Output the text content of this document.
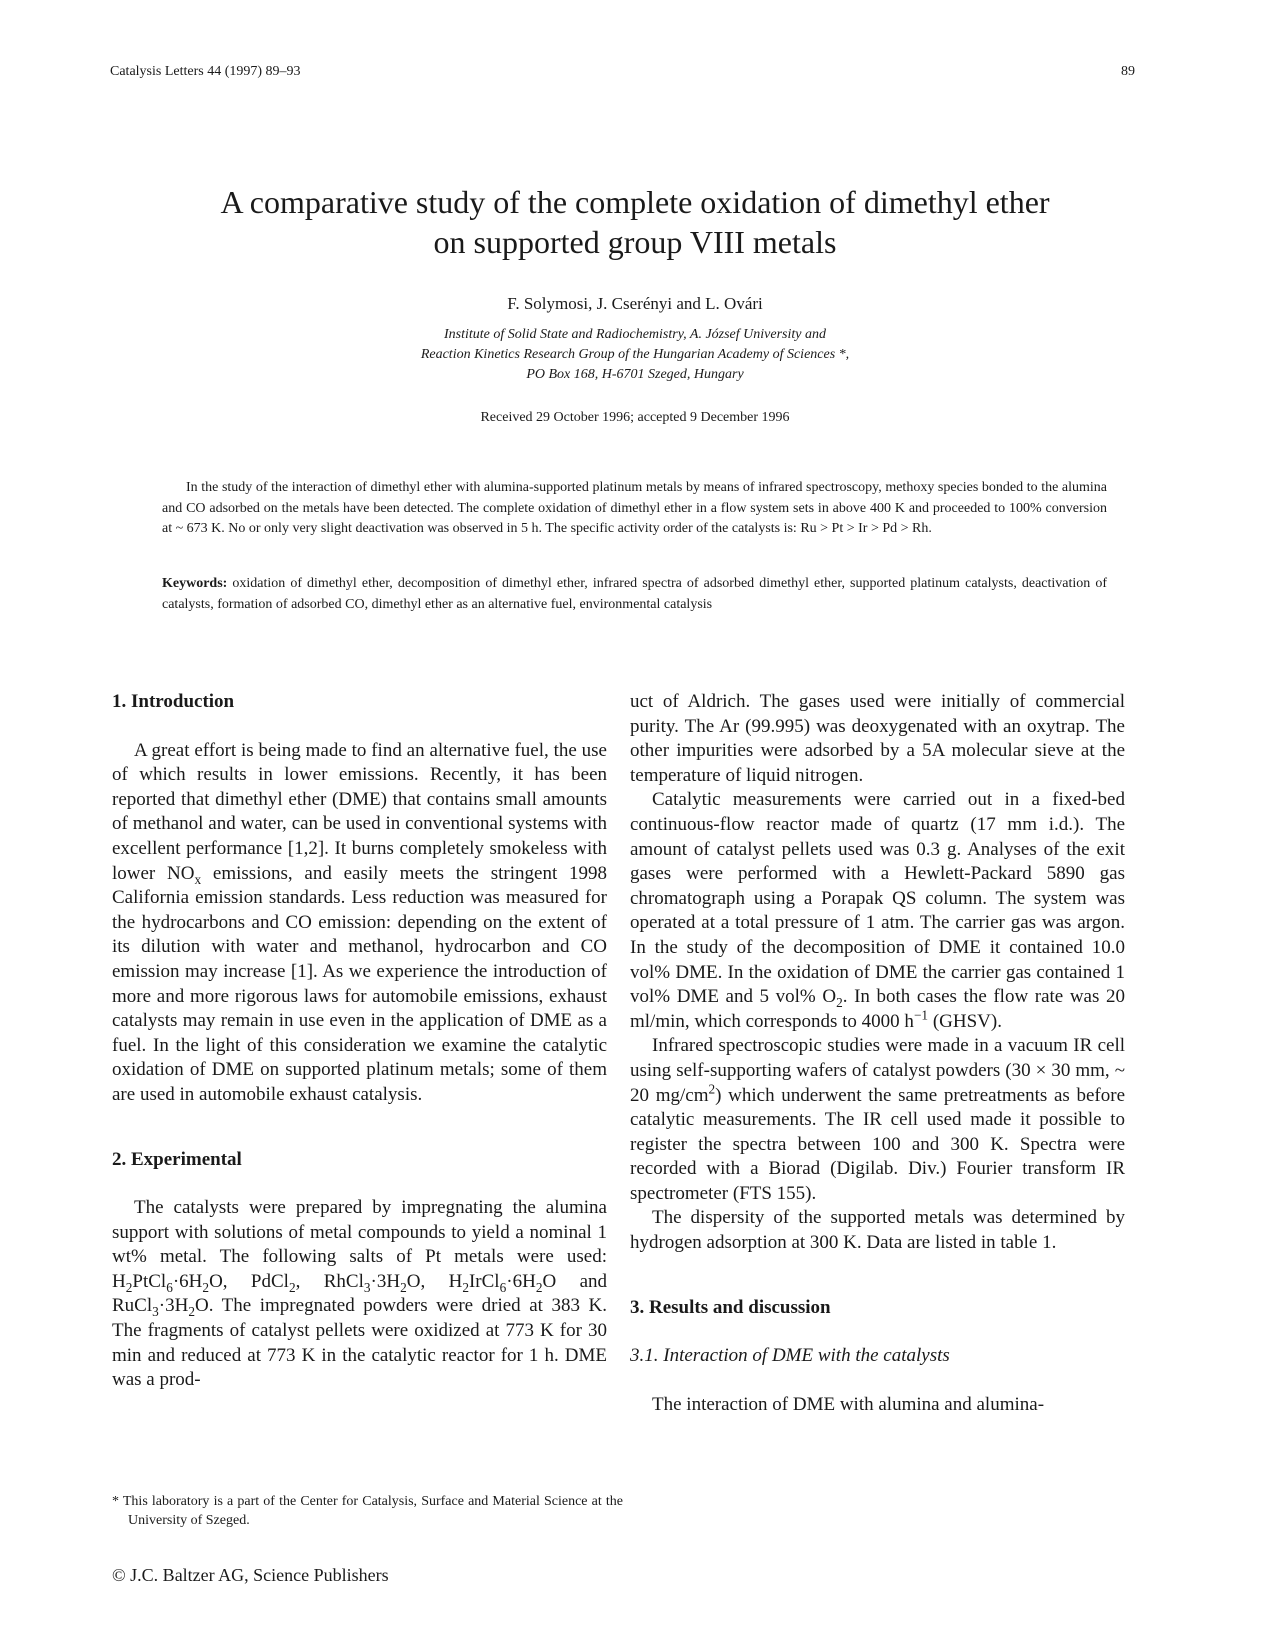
Catalysis Letters 44 (1997) 89–93	89
A comparative study of the complete oxidation of dimethyl ether
on supported group VIII metals
F. Solymosi, J. Cserényi and L. Ovári
Institute of Solid State and Radiochemistry, A. József University and
Reaction Kinetics Research Group of the Hungarian Academy of Sciences *,
PO Box 168, H-6701 Szeged, Hungary
Received 29 October 1996; accepted 9 December 1996

In the study of the interaction of dimethyl ether with alumina-supported platinum metals by means of infrared spectroscopy, methoxy species bonded to the alumina and CO adsorbed on the metals have been detected. The complete oxidation of dimethyl ether in a flow system sets in above 400 K and proceeded to 100% conversion at ~ 673 K. No or only very slight deactivation was observed in 5 h. The specific activity order of the catalysts is: Ru > Pt > Ir > Pd > Rh.

Keywords: oxidation of dimethyl ether, decomposition of dimethyl ether, infrared spectra of adsorbed dimethyl ether, supported platinum catalysts, deactivation of catalysts, formation of adsorbed CO, dimethyl ether as an alternative fuel, environmental catalysis

1. Introduction

A great effort is being made to find an alternative fuel, the use of which results in lower emissions. Recently, it has been reported that dimethyl ether (DME) that contains small amounts of methanol and water, can be used in conventional systems with excellent performance [1,2]. It burns completely smokeless with lower $NO_x$ emissions, and easily meets the stringent 1998 California emission standards. Less reduction was measured for the hydrocarbons and CO emission: depending on the extent of its dilution with water and methanol, hydrocarbon and CO emission may increase [1]. As we experience the introduction of more and more rigorous laws for automobile emissions, exhaust catalysts may remain in use even in the application of DME as a fuel. In the light of this consideration we examine the catalytic oxidation of DME on supported platinum metals; some of them are used in automobile exhaust catalysis.

2. Experimental

The catalysts were prepared by impregnating the alumina support with solutions of metal compounds to yield a nominal 1 wt% metal. The following salts of Pt metals were used: $H_2PtCl_6\cdot 6H_2O$, PdCl$_2$, $RhCl_3\cdot 3H_2O$, $H_2IrCl_6\cdot 6H_2O$ and $RuCl_3\cdot 3H_2O$. The impregnated powders were dried at 383 K. The fragments of catalyst pellets were oxidized at 773 K for 30 min and reduced at 773 K in the catalytic reactor for 1 h. DME was a prod-

uct of Aldrich. The gases used were initially of commercial purity. The Ar (99.995) was deoxygenated with an oxytrap. The other impurities were adsorbed by a 5A molecular sieve at the temperature of liquid nitrogen.

Catalytic measurements were carried out in a fixed-bed continuous-flow reactor made of quartz (17 mm i.d.). The amount of catalyst pellets used was 0.3 g. Analyses of the exit gases were performed with a Hewlett-Packard 5890 gas chromatograph using a Porapak QS column. The system was operated at a total pressure of 1 atm. The carrier gas was argon. In the study of the decomposition of DME it contained 10.0 vol% DME. In the oxidation of DME the carrier gas contained 1 vol% DME and 5 vol% $O_2$. In both cases the flow rate was 20 ml/min, which corresponds to 4000 $h^{-1}$ (GHSV).

Infrared spectroscopic studies were made in a vacuum IR cell using self-supporting wafers of catalyst powders (30 × 30 mm, ~ 20 $mg/cm^2$) which underwent the same pretreatments as before catalytic measurements. The IR cell used made it possible to register the spectra between 100 and 300 K. Spectra were recorded with a Biorad (Digilab. Div.) Fourier transform IR spectrometer (FTS 155).

The dispersity of the supported metals was determined by hydrogen adsorption at 300 K. Data are listed in table 1.

3. Results and discussion
3.1. Interaction of DME with the catalysts

The interaction of DME with alumina and alumina-

* This laboratory is a part of the Center for Catalysis, Surface and Material Science at the University of Szeged.

© J.C. Baltzer AG, Science Publishers
